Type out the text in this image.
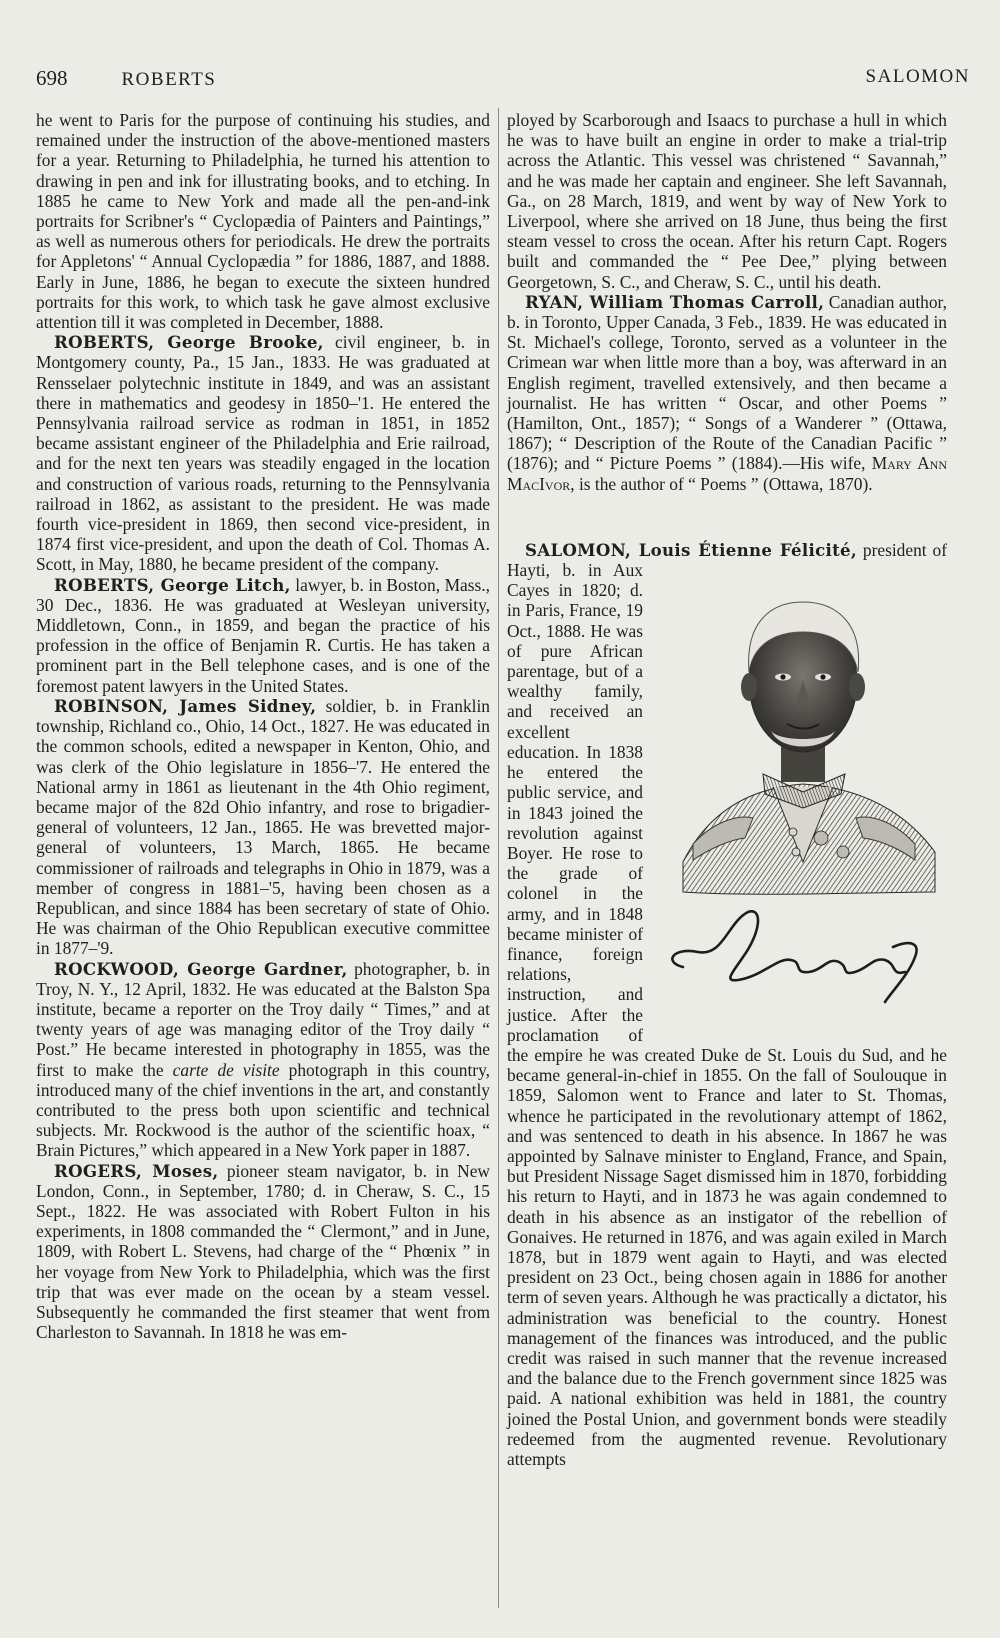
698	ROBERTS	SALOMON

he went to Paris for the purpose of continuing his studies, and remained under the instruction of the above-mentioned masters for a year. Returning to Philadelphia, he turned his attention to drawing in pen and ink for illustrating books, and to etching. In 1885 he came to New York and made all the pen-and-ink portraits for Scribner's “ Cyclopædia of Painters and Paintings,” as well as numerous others for periodicals. He drew the portraits for Appletons' “ Annual Cyclopædia ” for 1886, 1887, and 1888. Early in June, 1886, he began to execute the sixteen hundred portraits for this work, to which task he gave almost exclusive attention till it was completed in December, 1888.

ROBERTS, George Brooke, civil engineer, b. in Montgomery county, Pa., 15 Jan., 1833. He was graduated at Rensselaer polytechnic institute in 1849, and was an assistant there in mathematics and geodesy in 1850–'1. He entered the Pennsylvania railroad service as rodman in 1851, in 1852 became assistant engineer of the Philadelphia and Erie railroad, and for the next ten years was steadily engaged in the location and construction of various roads, returning to the Pennsylvania railroad in 1862, as assistant to the president. He was made fourth vice-president in 1869, then second vice-president, in 1874 first vice-president, and upon the death of Col. Thomas A. Scott, in May, 1880, he became president of the company.

ROBERTS, George Litch, lawyer, b. in Boston, Mass., 30 Dec., 1836. He was graduated at Wesleyan university, Middletown, Conn., in 1859, and began the practice of his profession in the office of Benjamin R. Curtis. He has taken a prominent part in the Bell telephone cases, and is one of the foremost patent lawyers in the United States.

ROBINSON, James Sidney, soldier, b. in Franklin township, Richland co., Ohio, 14 Oct., 1827. He was educated in the common schools, edited a newspaper in Kenton, Ohio, and was clerk of the Ohio legislature in 1856–'7. He entered the National army in 1861 as lieutenant in the 4th Ohio regiment, became major of the 82d Ohio infantry, and rose to brigadier-general of volunteers, 12 Jan., 1865. He was brevetted major-general of volunteers, 13 March, 1865. He became commissioner of railroads and telegraphs in Ohio in 1879, was a member of congress in 1881–'5, having been chosen as a Republican, and since 1884 has been secretary of state of Ohio. He was chairman of the Ohio Republican executive committee in 1877–'9.

ROCKWOOD, George Gardner, photographer, b. in Troy, N. Y., 12 April, 1832. He was educated at the Balston Spa institute, became a reporter on the Troy daily “ Times,” and at twenty years of age was managing editor of the Troy daily “ Post.” He became interested in photography in 1855, was the first to make the carte de visite photograph in this country, introduced many of the chief inventions in the art, and constantly contributed to the press both upon scientific and technical subjects. Mr. Rockwood is the author of the scientific hoax, “ Brain Pictures,” which appeared in a New York paper in 1887.

ROGERS, Moses, pioneer steam navigator, b. in New London, Conn., in September, 1780; d. in Cheraw, S. C., 15 Sept., 1822. He was associated with Robert Fulton in his experiments, in 1808 commanded the “ Clermont,” and in June, 1809, with Robert L. Stevens, had charge of the “ Phœnix ” in her voyage from New York to Philadelphia, which was the first trip that was ever made on the ocean by a steam vessel. Subsequently he commanded the first steamer that went from Charleston to Savannah. In 1818 he was em-

ployed by Scarborough and Isaacs to purchase a hull in which he was to have built an engine in order to make a trial-trip across the Atlantic. This vessel was christened “ Savannah,” and he was made her captain and engineer. She left Savannah, Ga., on 28 March, 1819, and went by way of New York to Liverpool, where she arrived on 18 June, thus being the first steam vessel to cross the ocean. After his return Capt. Rogers built and commanded the “ Pee Dee,” plying between Georgetown, S. C., and Cheraw, S. C., until his death.

RYAN, William Thomas Carroll, Canadian author, b. in Toronto, Upper Canada, 3 Feb., 1839. He was educated in St. Michael's college, Toronto, served as a volunteer in the Crimean war when little more than a boy, was afterward in an English regiment, travelled extensively, and then became a journalist. He has written “ Oscar, and other Poems ” (Hamilton, Ont., 1857); “ Songs of a Wanderer ” (Ottawa, 1867); “ Description of the Route of the Canadian Pacific ” (1876); and “ Picture Poems ” (1884).—His wife, Mary Ann MacIvor, is the author of “ Poems ” (Ottawa, 1870).

SALOMON, Louis Étienne Félicité,
president of Hayti, b. in Aux Cayes in 1820; d. in Paris, France, 19 Oct., 1888. He was of pure African parentage, but of a wealthy family, and received an excellent education. In 1838 he entered the public service, and in 1843 joined the revolution against Boyer. He rose to the grade of colonel in the army, and in 1848 became minister of finance, foreign relations, instruction, and justice. After the proclamation of the empire he was created Duke de St. Louis du Sud, and he became general-in-chief in 1855. On the fall of Soulouque in 1859, Salomon went to France and later to St. Thomas, whence he participated in the revolutionary attempt of 1862, and was sentenced to death in his absence. In 1867 he was appointed by Salnave minister to England, France, and Spain, but President Nissage Saget dismissed him in 1870, forbidding his return to Hayti, and in 1873 he was again condemned to death in his absence as an instigator of the rebellion of Gonaives. He returned in 1876, and was again exiled in March 1878, but in 1879 went again to Hayti, and was elected president on 23 Oct., being chosen again in 1886 for another term of seven years. Although he was practically a dictator, his administration was beneficial to the country. Honest management of the finances was introduced, and the public credit was raised in such manner that the revenue increased and the balance due to the French government since 1825 was paid. A national exhibition was held in 1881, the country joined the Postal Union, and government bonds were steadily redeemed from the augmented revenue. Revolutionary attempts
